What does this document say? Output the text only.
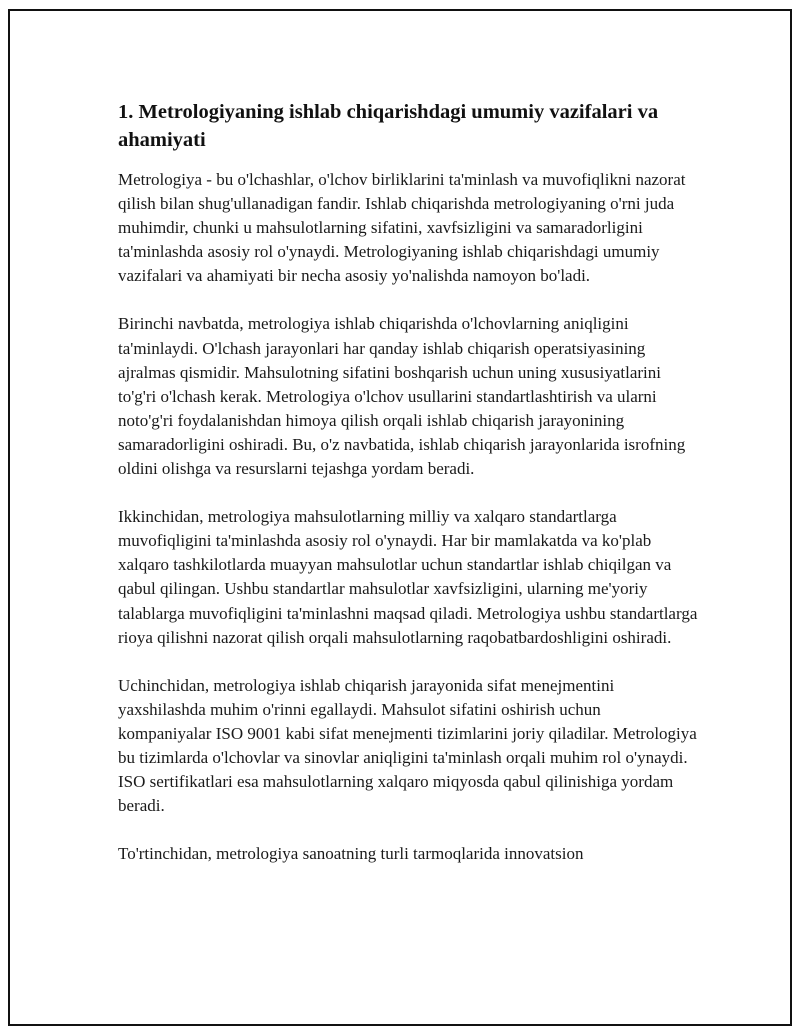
1. Metrologiyaning ishlab chiqarishdagi umumiy vazifalari va ahamiyati

Metrologiya - bu o'lchashlar, o'lchov birliklarini ta'minlash va muvofiqlikni nazorat qilish bilan shug'ullanadigan fandir. Ishlab chiqarishda metrologiyaning o'rni juda muhimdir, chunki u mahsulotlarning sifatini, xavfsizligini va samaradorligini ta'minlashda asosiy rol o'ynaydi. Metrologiyaning ishlab chiqarishdagi umumiy vazifalari va ahamiyati bir necha asosiy yo'nalishda namoyon bo'ladi.

Birinchi navbatda, metrologiya ishlab chiqarishda o'lchovlarning aniqligini ta'minlaydi. O'lchash jarayonlari har qanday ishlab chiqarish operatsiyasining ajralmas qismidir. Mahsulotning sifatini boshqarish uchun uning xususiyatlarini to'g'ri o'lchash kerak. Metrologiya o'lchov usullarini standartlashtirish va ularni noto'g'ri foydalanishdan himoya qilish orqali ishlab chiqarish jarayonining samaradorligini oshiradi. Bu, o'z navbatida, ishlab chiqarish jarayonlarida isrofning oldini olishga va resurslarni tejashga yordam beradi.

Ikkinchidan, metrologiya mahsulotlarning milliy va xalqaro standartlarga muvofiqligini ta'minlashda asosiy rol o'ynaydi. Har bir mamlakatda va ko'plab xalqaro tashkilotlarda muayyan mahsulotlar uchun standartlar ishlab chiqilgan va qabul qilingan. Ushbu standartlar mahsulotlar xavfsizligini, ularning me'yoriy talablarga muvofiqligini ta'minlashni maqsad qiladi. Metrologiya ushbu standartlarga rioya qilishni nazorat qilish orqali mahsulotlarning raqobatbardoshligini oshiradi.

Uchinchidan, metrologiya ishlab chiqarish jarayonida sifat menejmentini yaxshilashda muhim o'rinni egallaydi. Mahsulot sifatini oshirish uchun kompaniyalar ISO 9001 kabi sifat menejmenti tizimlarini joriy qiladilar. Metrologiya bu tizimlarda o'lchovlar va sinovlar aniqligini ta'minlash orqali muhim rol o'ynaydi. ISO sertifikatlari esa mahsulotlarning xalqaro miqyosda qabul qilinishiga yordam beradi.

To'rtinchidan, metrologiya sanoatning turli tarmoqlarida innovatsion
